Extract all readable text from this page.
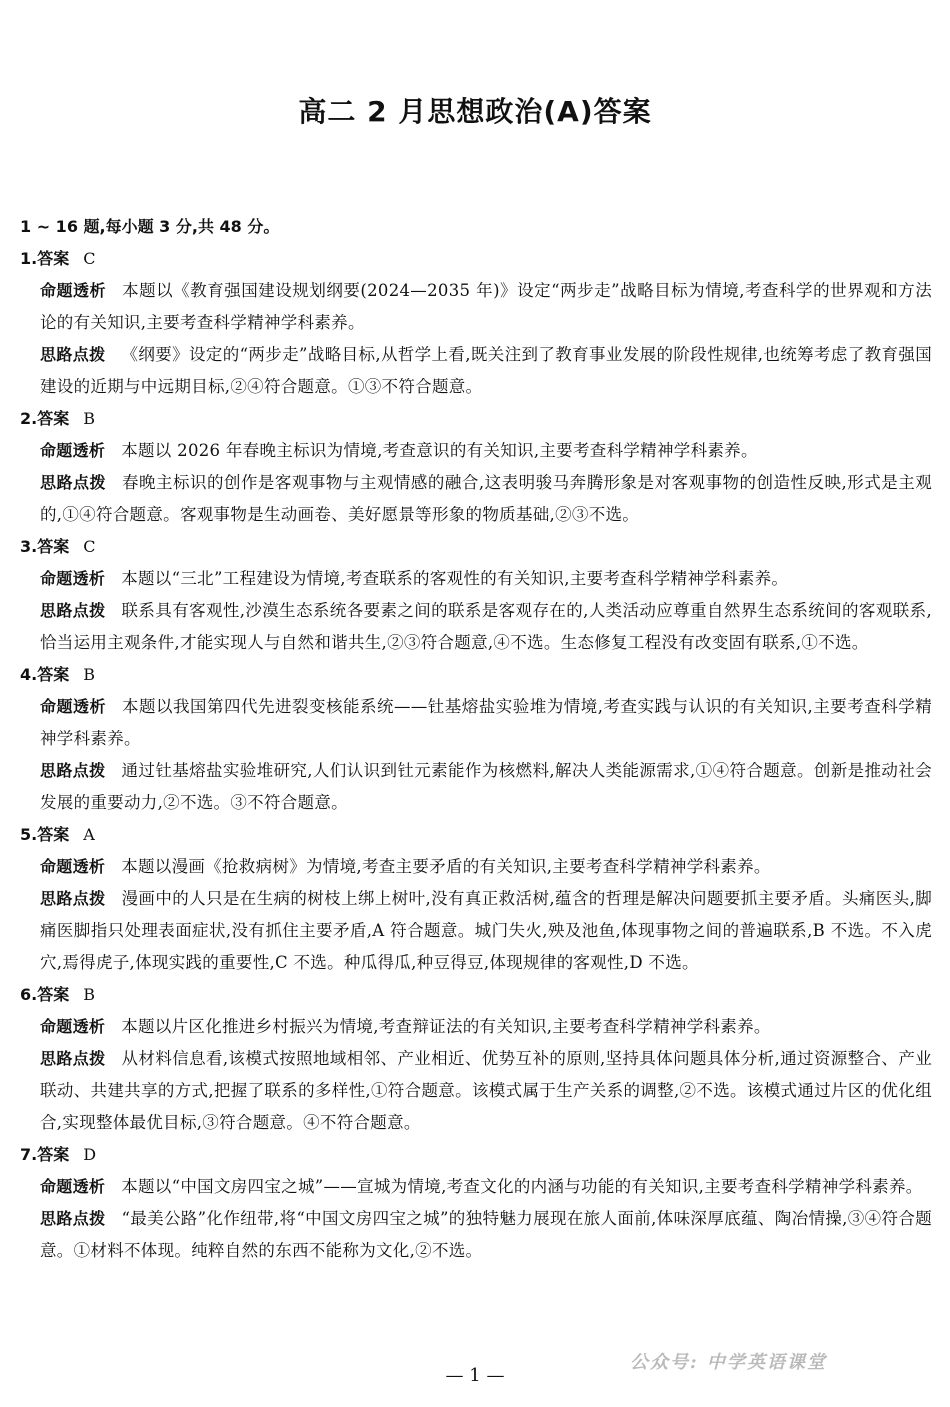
高二 2 月思想政治(A)答案
1 ~ 16 题,每小题 3 分,共 48 分。
1.答案 C
命题透析 本题以《教育强国建设规划纲要(2024—2035 年)》设定“两步走”战略目标为情境,考查科学的世界观和方法论的有关知识,主要考查科学精神学科素养。
思路点拨 《纲要》设定的“两步走”战略目标,从哲学上看,既关注到了教育事业发展的阶段性规律,也统筹考虑了教育强国建设的近期与中远期目标,②④符合题意。①③不符合题意。
2.答案 B
命题透析 本题以 2026 年春晚主标识为情境,考查意识的有关知识,主要考查科学精神学科素养。
思路点拨 春晚主标识的创作是客观事物与主观情感的融合,这表明骏马奔腾形象是对客观事物的创造性反映,形式是主观的,①④符合题意。客观事物是生动画卷、美好愿景等形象的物质基础,②③不选。
3.答案 C
命题透析 本题以“三北”工程建设为情境,考查联系的客观性的有关知识,主要考查科学精神学科素养。
思路点拨 联系具有客观性,沙漠生态系统各要素之间的联系是客观存在的,人类活动应尊重自然界生态系统间的客观联系,恰当运用主观条件,才能实现人与自然和谐共生,②③符合题意,④不选。生态修复工程没有改变固有联系,①不选。
4.答案 B
命题透析 本题以我国第四代先进裂变核能系统——钍基熔盐实验堆为情境,考查实践与认识的有关知识,主要考查科学精神学科素养。
思路点拨 通过钍基熔盐实验堆研究,人们认识到钍元素能作为核燃料,解决人类能源需求,①④符合题意。创新是推动社会发展的重要动力,②不选。③不符合题意。
5.答案 A
命题透析 本题以漫画《抢救病树》为情境,考查主要矛盾的有关知识,主要考查科学精神学科素养。
思路点拨 漫画中的人只是在生病的树枝上绑上树叶,没有真正救活树,蕴含的哲理是解决问题要抓主要矛盾。头痛医头,脚痛医脚指只处理表面症状,没有抓住主要矛盾,A 符合题意。城门失火,殃及池鱼,体现事物之间的普遍联系,B 不选。不入虎穴,焉得虎子,体现实践的重要性,C 不选。种瓜得瓜,种豆得豆,体现规律的客观性,D 不选。
6.答案 B
命题透析 本题以片区化推进乡村振兴为情境,考查辩证法的有关知识,主要考查科学精神学科素养。
思路点拨 从材料信息看,该模式按照地域相邻、产业相近、优势互补的原则,坚持具体问题具体分析,通过资源整合、产业联动、共建共享的方式,把握了联系的多样性,①符合题意。该模式属于生产关系的调整,②不选。该模式通过片区的优化组合,实现整体最优目标,③符合题意。④不符合题意。
7.答案 D
命题透析 本题以“中国文房四宝之城”——宣城为情境,考查文化的内涵与功能的有关知识,主要考查科学精神学科素养。
思路点拨 “最美公路”化作纽带,将“中国文房四宝之城”的独特魅力展现在旅人面前,体味深厚底蕴、陶冶情操,③④符合题意。①材料不体现。纯粹自然的东西不能称为文化,②不选。
— 1 —
公众号: 中学英语课堂
